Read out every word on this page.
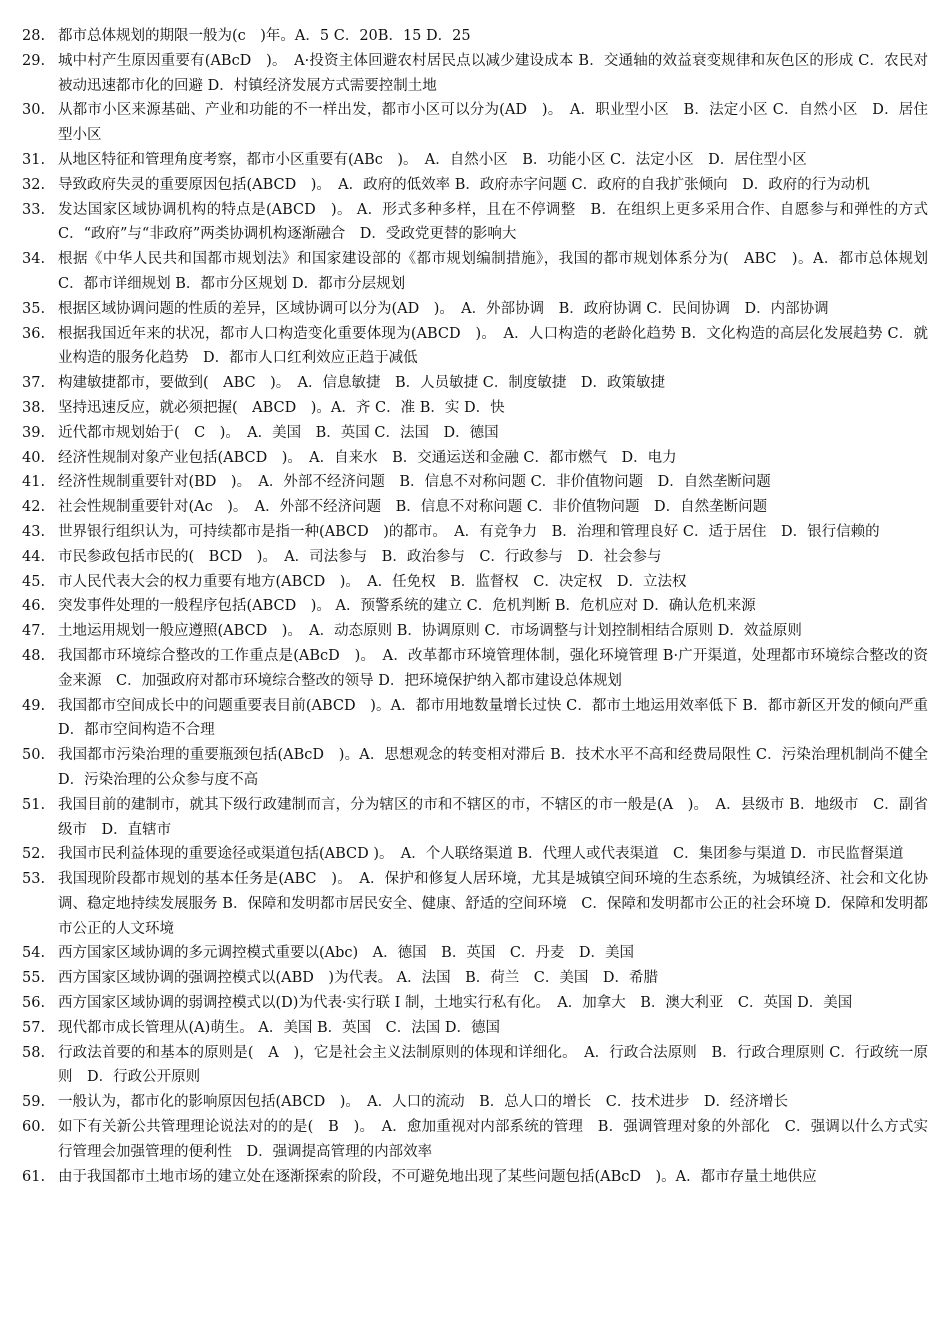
28. 都市总体规划的期限一般为(c　)年。A．5 C．20B．15 D．25
29. 城中村产生原因重要有(ABcD　)。　A·投资主体回避农村居民点以减少建设成本 B．交通轴的效益衰变规律和灰色区的形成 C．农民对被动迅速都市化的回避 D．村镇经济发展方式需要控制土地
30. 从都市小区来源基础、产业和功能的不一样出发，都市小区可以分为(AD　)。　A．职业型小区　B．法定小区 C．自然小区　D．居住型小区
31. 从地区特征和管理角度考察，都市小区重要有(ABc　)。　A．自然小区　B．功能小区 C．法定小区　D．居住型小区
32. 导致政府失灵的重要原因包括(ABCD　)。　A．政府的低效率 B．政府赤字问题 C．政府的自我扩张倾向　D．政府的行为动机
33. 发达国家区域协调机构的特点是(ABCD　)。 A．形式多种多样，且在不停调整　B．在组织上更多采用合作、自愿参与和弹性的方式　C．“政府”与“非政府”两类协调机构逐渐融合　D．受政党更替的影响大
34. 根据《中华人民共和国都市规划法》和国家建设部的《都市规划编制措施》，我国的都市规划体系分为(　ABC　)。A．都市总体规划 C．都市详细规划 B．都市分区规划 D．都市分层规划
35. 根据区域协调问题的性质的差异，区域协调可以分为(AD　)。　A．外部协调　B．政府协调 C．民间协调　D．内部协调
36. 根据我国近年来的状况，都市人口构造变化重要体现为(ABCD　)。　A．人口构造的老龄化趋势 B．文化构造的高层化发展趋势 C．就业构造的服务化趋势　D．都市人口红利效应正趋于减低
37. 构建敏捷都市，要做到(　ABC　)。　A．信息敏捷　B．人员敏捷 C．制度敏捷　D．政策敏捷
38. 坚持迅速反应，就必须把握(　ABCD　)。A．齐 C．准 B．实 D．快
39. 近代都市规划始于(　C　)。　A．美国　B．英国 C．法国　D．德国
40. 经济性规制对象产业包括(ABCD　)。　A．自来水　B．交通运送和金融 C．都市燃气　D．电力
41. 经济性规制重要针对(BD　)。　A．外部不经济问题　B．信息不对称问题 C．非价值物问题　D．自然垄断问题
42. 社会性规制重要针对(Ac　)。　A．外部不经济问题　B．信息不对称问题 C．非价值物问题　D．自然垄断问题
43. 世界银行组织认为，可持续都市是指一种(ABCD　)的都市。　A．有竞争力　B．治理和管理良好 C．适于居住　D．银行信赖的
44. 市民参政包括市民的(　BCD　)。　A．司法参与　B．政治参与　C．行政参与　D．社会参与
45. 市人民代表大会的权力重要有地方(ABCD　)。　A．任免权　B．监督权　C．决定权　D．立法权
46. 突发事件处理的一般程序包括(ABCD　)。 A．预警系统的建立 C．危机判断 B．危机应对 D．确认危机来源
47. 土地运用规划一般应遵照(ABCD　)。　A．动态原则 B．协调原则 C．市场调整与计划控制相结合原则 D．效益原则
48. 我国都市环境综合整改的工作重点是(ABcD　)。　A．改革都市环境管理体制，强化环境管理 B·广开渠道，处理都市环境综合整改的资金来源　C．加强政府对都市环境综合整改的领导 D．把环境保护纳入都市建设总体规划
49. 我国都市空间成长中的问题重要表目前(ABCD　)。A．都市用地数量增长过快 C．都市土地运用效率低下 B．都市新区开发的倾向严重 D．都市空间构造不合理
50. 我国都市污染治理的重要瓶颈包括(ABcD　)。A．思想观念的转变相对滞后 B．技术水平不高和经费局限性 C．污染治理机制尚不健全　D．污染治理的公众参与度不高
51. 我国目前的建制市，就其下级行政建制而言，分为辖区的市和不辖区的市，不辖区的市一般是(A　)。　A．县级市 B．地级市　C．副省级市　D．直辖市
52. 我国市民利益体现的重要途径或渠道包括(ABCD )。　A．个人联络渠道 B．代理人或代表渠道　C．集团参与渠道 D．市民监督渠道
53. 我国现阶段都市规划的基本任务是(ABC　)。　A．保护和修复人居环境，尤其是城镇空间环境的生态系统，为城镇经济、社会和文化协调、稳定地持续发展服务 B．保障和发明都市居民安全、健康、舒适的空间环境　C．保障和发明都市公正的社会环境 D．保障和发明都市公正的人文环境
54. 西方国家区域协调的多元调控模式重要以(Abc)　A．德国　B．英国　C．丹麦　D．美国
55. 西方国家区域协调的强调控模式以(ABD　)为代表。 A．法国　B．荷兰　C．美国　D．希腊
56. 西方国家区域协调的弱调控模式以(D)为代表·实行联 I 制，土地实行私有化。　A．加拿大　B．澳大利亚　C．英国 D．美国
57. 现代都市成长管理从(A)萌生。 A．美国 B．英国　C．法国 D．德国
58. 行政法首要的和基本的原则是(　A　)，它是社会主义法制原则的体现和详细化。　A．行政合法原则　B．行政合理原则 C．行政统一原则　D．行政公开原则
59. 一般认为，都市化的影响原因包括(ABCD　)。　A．人口的流动　B．总人口的增长　C．技术进步　D．经济增长
60. 如下有关新公共管理理论说法对的的是(　B　)。　A．愈加重视对内部系统的管理　B．强调管理对象的外部化　C．强调以什么方式实行管理会加强管理的便利性　D．强调提高管理的内部效率
61. 由于我国都市土地市场的建立处在逐渐探索的阶段，不可避免地出现了某些问题包括(ABcD　)。A．都市存量土地供应
